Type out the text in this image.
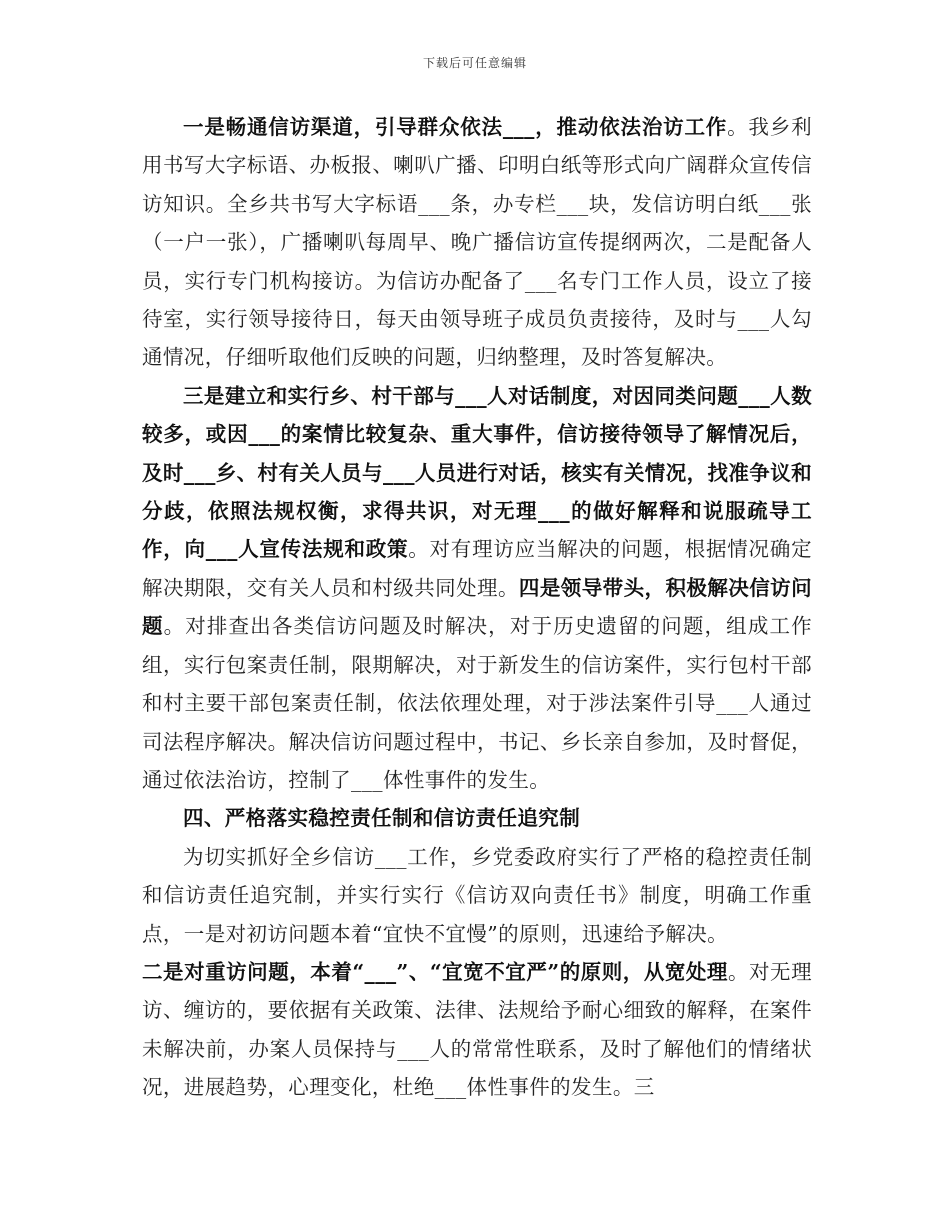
下载后可任意编辑

一是畅通信访渠道，引导群众依法___，推动依法治访工作。我乡利用书写大字标语、办板报、喇叭广播、印明白纸等形式向广阔群众宣传信访知识。全乡共书写大字标语___条，办专栏___块，发信访明白纸___张（一户一张），广播喇叭每周早、晚广播信访宣传提纲两次，二是配备人员，实行专门机构接访。为信访办配备了___名专门工作人员，设立了接待室，实行领导接待日，每天由领导班子成员负责接待，及时与___人勾通情况，仔细听取他们反映的问题，归纳整理，及时答复解决。

三是建立和实行乡、村干部与___人对话制度，对因同类问题___人数较多，或因___的案情比较复杂、重大事件，信访接待领导了解情况后，及时___乡、村有关人员与___人员进行对话，核实有关情况，找准争议和分歧，依照法规权衡，求得共识，对无理___的做好解释和说服疏导工作，向___人宣传法规和政策。对有理访应当解决的问题，根据情况确定解决期限，交有关人员和村级共同处理。四是领导带头，积极解决信访问题。对排查出各类信访问题及时解决，对于历史遗留的问题，组成工作组，实行包案责任制，限期解决，对于新发生的信访案件，实行包村干部和村主要干部包案责任制，依法依理处理，对于涉法案件引导___人通过司法程序解决。解决信访问题过程中，书记、乡长亲自参加，及时督促，通过依法治访，控制了___体性事件的发生。

四、严格落实稳控责任制和信访责任追究制

为切实抓好全乡信访___工作，乡党委政府实行了严格的稳控责任制和信访责任追究制，并实行实行《信访双向责任书》制度，明确工作重点，一是对初访问题本着“宜快不宜慢”的原则，迅速给予解决。

二是对重访问题，本着“___”、“宜宽不宜严”的原则，从宽处理。对无理访、缠访的，要依据有关政策、法律、法规给予耐心细致的解释，在案件未解决前，办案人员保持与___人的常常性联系，及时了解他们的情绪状况，进展趋势，心理变化，杜绝___体性事件的发生。三
